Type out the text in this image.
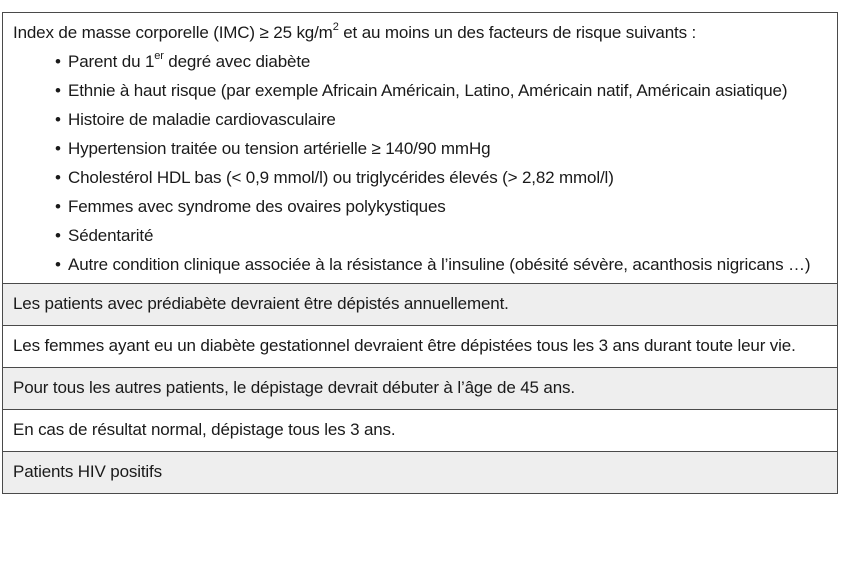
Index de masse corporelle (IMC) ≥ 25 $kg/m^2$ et au moins un des facteurs de risque suivants :
• Parent du 1er degré avec diabète
• Ethnie à haut risque (par exemple Africain Américain, Latino, Américain natif, Américain asiatique)
• Histoire de maladie cardiovasculaire
• Hypertension traitée ou tension artérielle ≥ 140/90 mmHg
• Cholestérol HDL bas (< 0,9 mmol/l) ou triglycérides élevés (> 2,82 mmol/l)
• Femmes avec syndrome des ovaires polykystiques
• Sédentarité
• Autre condition clinique associée à la résistance à l’insuline (obésité sévère, acanthosis nigricans …)
Les patients avec prédiabète devraient être dépistés annuellement.
Les femmes ayant eu un diabète gestationnel devraient être dépistées tous les 3 ans durant toute leur vie.
Pour tous les autres patients, le dépistage devrait débuter à l’âge de 45 ans.
En cas de résultat normal, dépistage tous les 3 ans.
Patients HIV positifs
